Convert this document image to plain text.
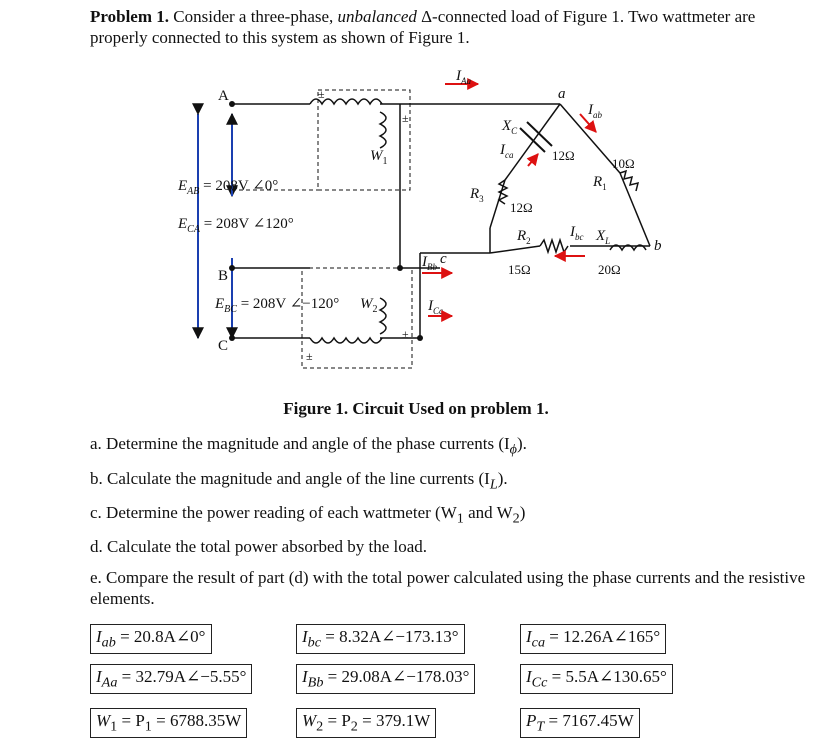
Problem 1. Consider a three-phase, unbalanced Δ-connected load of Figure 1. Two wattmeter are properly connected to this system as shown of Figure 1.
A
B
C
a
b
c
$E_{AB} = 208V$ ∠0°
$E_{CA} = 208V$ ∠120°
$E_{BC} = 208V$ ∠−120°
$W_1$
$W_2$
$I_{Aa}$
$I_{Bb}$
$I_{Cc}$
$I_{ab}$
$I_{ca}$
$I_{bc}$
$X_C$
$X_L$
$R_1$
$R_2$
$R_3$
12Ω
10Ω
12Ω
15Ω	20Ω
±
±
±
±
Figure 1. Circuit Used on problem 1.
a. Determine the magnitude and angle of the phase currents $(I_\phi)$.
b. Calculate the magnitude and angle of the line currents $(I_L)$.
c. Determine the power reading of each wattmeter ($W_1$ and $W_2$)
d. Calculate the total power absorbed by the load.
e. Compare the result of part (d) with the total power calculated using the phase currents and the resistive elements.
$I_{ab}$ = 20.8A∠0°	$I_{bc}$ = 8.32A∠−173.13°	$I_{ca}$ = 12.26A∠165°
$I_{Aa}$ = 32.79A∠−5.55°	$I_{Bb}$ = 29.08A∠−178.03°	$I_{Cc}$ = 5.5A∠130.65°
$W_1 = P_1 = 6788.35W$	$W_2 = P_2 = 379.1W$	$P_T = 7167.45W$
